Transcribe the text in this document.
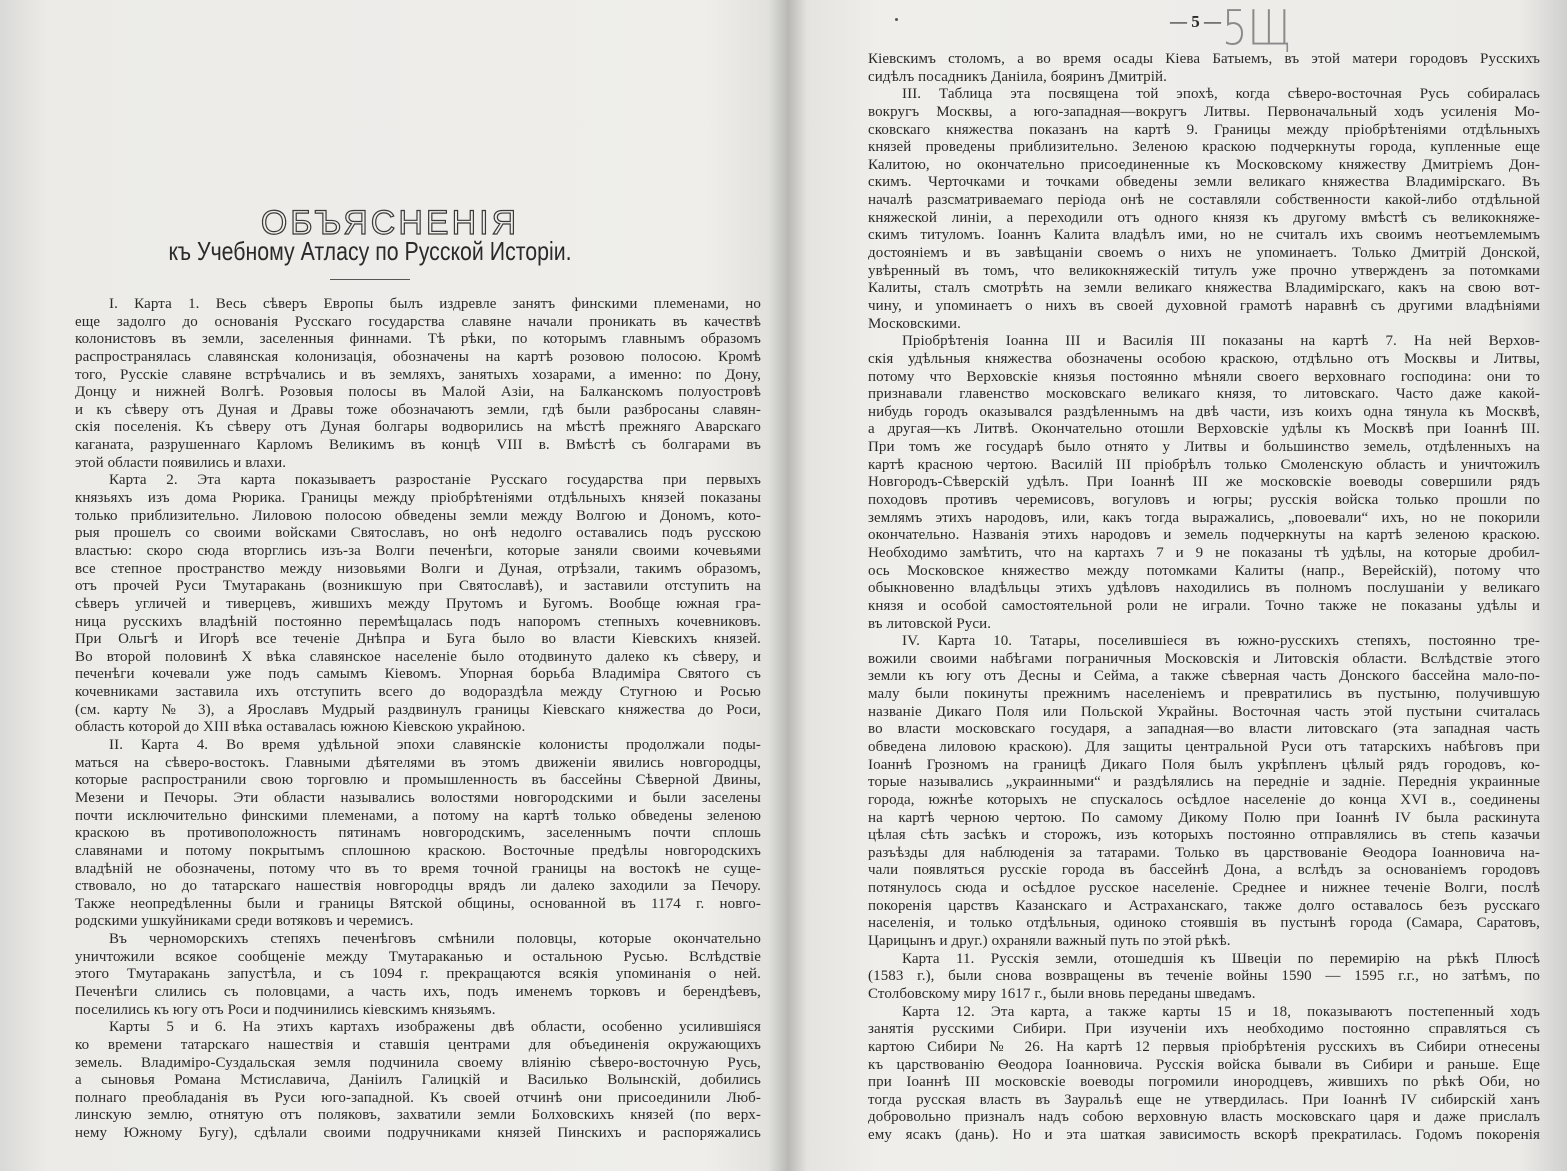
ОБЪЯСНЕНІЯ
къ Учебному Атласу по Русской Исторіи.
— 5 — 5Щ
I. Карта 1. Весь сѣверъ Европы былъ издревле занятъ финскими племенами, но
еще задолго до основанія Русскаго государства славяне начали проникать въ качествѣ
колонистовъ въ земли, заселенныя финнами. Тѣ рѣки, по которымъ главнымъ образомъ
распространялась славянская колонизація, обозначены на картѣ розовою полосою. Кромѣ
того, Русскіе славяне встрѣчались и въ земляхъ, занятыхъ хозарами, а именно: по Дону,
Донцу и нижней Волгѣ. Розовыя полосы въ Малой Азіи, на Балканскомъ полуостровѣ
и къ сѣверу отъ Дуная и Дравы тоже обозначаютъ земли, гдѣ были разбросаны славян-
скія поселенія. Къ сѣверу отъ Дуная болгары водворились на мѣстѣ прежняго Аварскаго
каганата, разрушеннаго Карломъ Великимъ въ концѣ VIII в. Вмѣстѣ съ болгарами въ
этой области появились и влахи.
Карта 2. Эта карта показываетъ разростаніе Русскаго государства при первыхъ
князьяхъ изъ дома Рюрика. Границы между пріобрѣтеніями отдѣльныхъ князей показаны
только приблизительно. Лиловою полосою обведены земли между Волгою и Дономъ, кото-
рыя прошелъ со своими войсками Святославъ, но онѣ недолго оставались подъ русскою
властью: скоро сюда вторглись изъ-за Волги печенѣги, которые заняли своими кочевьями
все степное пространство между низовьями Волги и Дуная, отрѣзали, такимъ образомъ,
отъ прочей Руси Тмутаракань (возникшую при Святославѣ), и заставили отступить на
сѣверъ угличей и тиверцевъ, жившихъ между Прутомъ и Бугомъ. Вообще южная гра-
ница русскихъ владѣній постоянно перемѣщалась подъ напоромъ степныхъ кочевниковъ.
При Ольгѣ и Игорѣ все теченіе Днѣпра и Буга было во власти Кіевскихъ князей.
Во второй половинѣ X вѣка славянское населеніе было отодвинуто далеко къ сѣверу, и
печенѣги кочевали уже подъ самымъ Кіевомъ. Упорная борьба Владиміра Святого съ
кочевниками заставила ихъ отступить всего до водораздѣла между Стугною и Росью
(см. карту № 3), а Ярославъ Мудрый раздвинулъ границы Кіевскаго княжества до Роси,
область которой до XIII вѣка оставалась южною Кіевскою украйною.
II. Карта 4. Во время удѣльной эпохи славянскіе колонисты продолжали поды-
маться на сѣверо-востокъ. Главными дѣятелями въ этомъ движеніи явились новгородцы,
которые распространили свою торговлю и промышленность въ бассейны Сѣверной Двины,
Мезени и Печоры. Эти области назывались волостями новгородскими и были заселены
почти исключительно финскими племенами, а потому на картѣ только обведены зеленою
краскою въ противоположность пятинамъ новгородскимъ, заселеннымъ почти сплошь
славянами и потому покрытымъ сплошною краскою. Восточные предѣлы новгородскихъ
владѣній не обозначены, потому что въ то время точной границы на востокѣ не суще-
ствовало, но до татарскаго нашествія новгородцы врядъ ли далеко заходили за Печору.
Также неопредѣленны были и границы Вятской общины, основанной въ 1174 г. новго-
родскими ушкуйниками среди вотяковъ и черемисъ.
Въ черноморскихъ степяхъ печенѣговъ смѣнили половцы, которые окончательно
уничтожили всякое сообщеніе между Тмутараканью и остальною Русью. Вслѣдствіе
этого Тмутаракань запустѣла, и съ 1094 г. прекращаются всякія упоминанія о ней.
Печенѣги слились съ половцами, а часть ихъ, подъ именемъ торковъ и берендѣевъ,
поселились къ югу отъ Роси и подчинились кіевскимъ князьямъ.
Карты 5 и 6. На этихъ картахъ изображены двѣ области, особенно усилившіяся
ко времени татарскаго нашествія и ставшія центрами для объединенія окружающихъ
земель. Владиміро-Суздальская земля подчинила своему вліянію сѣверо-восточную Русь,
а сыновья Романа Мстиславича, Даніилъ Галицкій и Василько Волынскій, добились
полнаго преобладанія въ Руси юго-западной. Къ своей отчинѣ они присоединили Люб-
линскую землю, отнятую отъ поляковъ, захватили земли Болховскихъ князей (по верх-
нему Южному Бугу), сдѣлали своими подручниками князей Пинскихъ и распоряжались
Кіевскимъ столомъ, а во время осады Кіева Батыемъ, въ этой матери городовъ Русскихъ
сидѣлъ посадникъ Даніила, бояринъ Дмитрій.
III. Таблица эта посвящена той эпохѣ, когда сѣверо-восточная Русь собиралась
вокругъ Москвы, а юго-западная—вокругъ Литвы. Первоначальный ходъ усиленія Мо-
сковскаго княжества показанъ на картѣ 9. Границы между пріобрѣтеніями отдѣльныхъ
князей проведены приблизительно. Зеленою краскою подчеркнуты города, купленные еще
Калитою, но окончательно присоединенные къ Московскому княжеству Дмитріемъ Дон-
скимъ. Черточками и точками обведены земли великаго княжества Владимірскаго. Въ
началѣ разсматриваемаго періода онѣ не составляли собственности какой-либо отдѣльной
княжеской линіи, а переходили отъ одного князя къ другому вмѣстѣ съ великокняже-
скимъ титуломъ. Іоаннъ Калита владѣлъ ими, но не считалъ ихъ своимъ неотъемлемымъ
достояніемъ и въ завѣщаніи своемъ о нихъ не упоминаетъ. Только Дмитрій Донской,
увѣренный въ томъ, что великокняжескій титулъ уже прочно утвержденъ за потомками
Калиты, сталъ смотрѣть на земли великаго княжества Владимірскаго, какъ на свою вот-
чину, и упоминаетъ о нихъ въ своей духовной грамотѣ наравнѣ съ другими владѣніями
Московскими.
Пріобрѣтенія Іоанна III и Василія III показаны на картѣ 7. На ней Верхов-
скія удѣльныя княжества обозначены особою краскою, отдѣльно отъ Москвы и Литвы,
потому что Верховскіе князья постоянно мѣняли своего верховнаго господина: они то
признавали главенство московскаго великаго князя, то литовскаго. Часто даже какой-
нибудь городъ оказывался раздѣленнымъ на двѣ части, изъ коихъ одна тянула къ Москвѣ,
а другая—къ Литвѣ. Окончательно отошли Верховскіе удѣлы къ Москвѣ при Іоаннѣ III.
При томъ же государѣ было отнято у Литвы и большинство земель, отдѣленныхъ на
картѣ красною чертою. Василій III пріобрѣлъ только Смоленскую область и уничтожилъ
Новгородъ-Сѣверскій удѣлъ. При Іоаннѣ III же московскіе воеводы совершили рядъ
походовъ противъ черемисовъ, вогуловъ и югры; русскія войска только прошли по
землямъ этихъ народовъ, или, какъ тогда выражались, „повоевали“ ихъ, но не покорили
окончательно. Названія этихъ народовъ и земель подчеркнуты на картѣ зеленою краскою.
Необходимо замѣтить, что на картахъ 7 и 9 не показаны тѣ удѣлы, на которые дробил-
ось Московское княжество между потомками Калиты (напр., Верейскій), потому что
обыкновенно владѣльцы этихъ удѣловъ находились въ полномъ послушаніи у великаго
князя и особой самостоятельной роли не играли. Точно также не показаны удѣлы и
въ литовской Руси.
IV. Карта 10. Татары, поселившіеся въ южно-русскихъ степяхъ, постоянно тре-
вожили своими набѣгами пограничныя Московскія и Литовскія области. Вслѣдствіе этого
земли къ югу отъ Десны и Сейма, а также сѣверная часть Донского бассейна мало-по-
малу были покинуты прежнимъ населеніемъ и превратились въ пустыню, получившую
названіе Дикаго Поля или Польской Украйны. Восточная часть этой пустыни считалась
во власти московскаго государя, а западная—во власти литовскаго (эта западная часть
обведена лиловою краскою). Для защиты центральной Руси отъ татарскихъ набѣговъ при
Іоаннѣ Грозномъ на границѣ Дикаго Поля былъ укрѣпленъ цѣлый рядъ городовъ, ко-
торые назывались „украинными“ и раздѣлялись на передніе и задніе. Переднія украинные
города, южнѣе которыхъ не спускалось осѣдлое населеніе до конца XVI в., соединены
на картѣ черною чертою. По самому Дикому Полю при Іоаннѣ IV была раскинута
цѣлая сѣть засѣкъ и сторожъ, изъ которыхъ постоянно отправлялись въ степь казачьи
разъѣзды для наблюденія за татарами. Только въ царствованіе Ѳеодора Іоанновича на-
чали появляться русскіе города въ бассейнѣ Дона, а вслѣдъ за основаніемъ городовъ
потянулось сюда и осѣдлое русское населеніе. Среднее и нижнее теченіе Волги, послѣ
покоренія царствъ Казанскаго и Астраханскаго, также долго оставалось безъ русскаго
населенія, и только отдѣльныя, одиноко стоявшія въ пустынѣ города (Самара, Саратовъ,
Царицынъ и друг.) охраняли важный путь по этой рѣкѣ.
Карта 11. Русскія земли, отошедшія къ Швеціи по перемирію на рѣкѣ Плюсѣ
(1583 г.), были снова возвращены въ теченіе войны 1590 — 1595 г.г., но затѣмъ, по
Столбовскому миру 1617 г., были вновь переданы шведамъ.
Карта 12. Эта карта, а также карты 15 и 18, показываютъ постепенный ходъ
занятія русскими Сибири. При изученіи ихъ необходимо постоянно справляться съ
картою Сибири № 26. На картѣ 12 первыя пріобрѣтенія русскихъ въ Сибири отнесены
къ царствованію Ѳеодора Іоанновича. Русскія войска бывали въ Сибири и раньше. Еще
при Іоаннѣ III московскіе воеводы погромили инородцевъ, жившихъ по рѣкѣ Оби, но
тогда русская власть въ Зауральѣ еще не утвердилась. При Іоаннѣ IV сибирскій ханъ
добровольно призналъ надъ собою верховную власть московскаго царя и даже прислалъ
ему ясакъ (дань). Но и эта шаткая зависимость вскорѣ прекратилась. Годомъ покоренія
